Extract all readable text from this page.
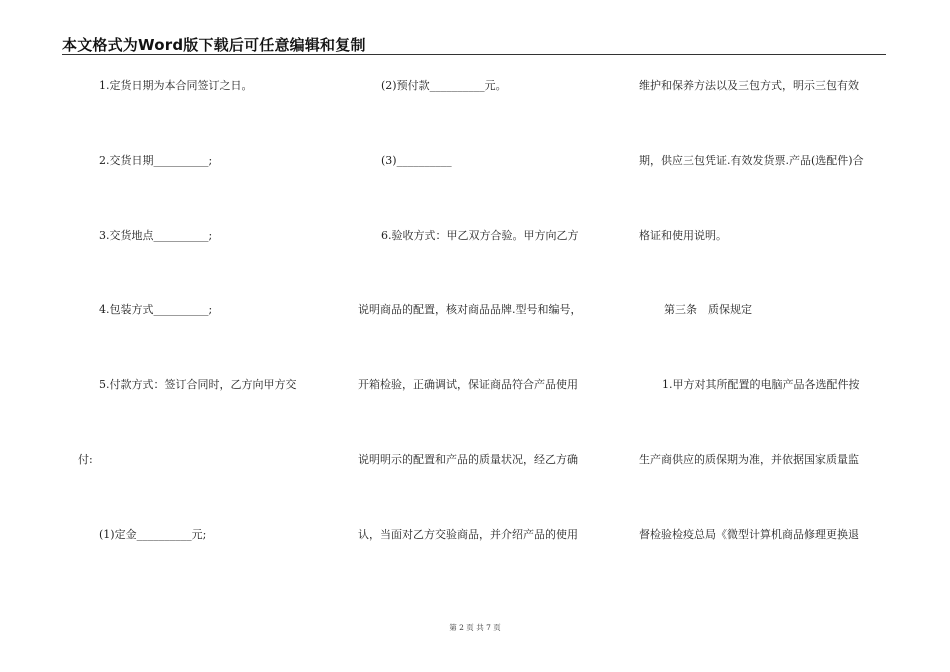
本文格式为Word版下载后可任意编辑和复制
1.定货日期为本合同签订之日。
2.交货日期__________;
3.交货地点__________;
4.包装方式__________;
5.付款方式：签订合同时，乙方向甲方交
付:
(1)定金__________元;
(2)预付款__________元。
(3)__________
6.验收方式：甲乙双方合验。甲方向乙方
说明商品的配置，核对商品品牌.型号和编号，
开箱检验，正确调试，保证商品符合产品使用
说明明示的配置和产品的质量状况，经乙方确
认，当面对乙方交验商品，并介绍产品的使用
维护和保养方法以及三包方式，明示三包有效
期，供应三包凭证.有效发货票.产品(选配件)合
格证和使用说明。
第三条　质保规定
1.甲方对其所配置的电脑产品各选配件按
生产商供应的质保期为准，并依据国家质量监
督检验检疫总局《微型计算机商品修理更换退
第 2 页 共 7 页
